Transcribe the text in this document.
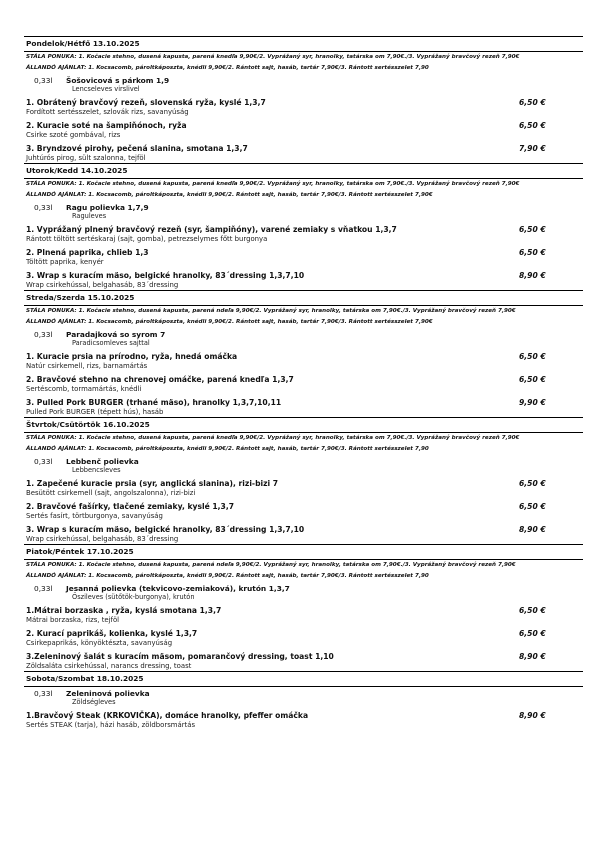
Pondelok/Hétfő 13.10.2025
STÁLA PONUKA: 1. Kočacie stehno, dusená kapusta, parená knedľa 9,90€/2. Vyprážaný syr, hranolky, tatárska om 7,90€./3. Vyprážaný bravčový rezeň 7,90€
ÁLLANDÓ AJÁNLAT: 1. Kocsacomb, pároltkáposzta, knédli 9,90€/2. Rántott sajt, hasáb, tartár 7,90€/3. Rántott sertésszelet 7,90
0,33l	Šošovicová s párkom 1,9
Lencseleves virslivel
1. Obrátený bravčový rezeň, slovenská ryža, kyslé 1,3,7	6,50 €
Fordított sertésszelet, szlovák rizs, savanyúság
2. Kuracie soté na šampiňónoch, ryža	6,50 €
Csirke szoté gombával, rizs
3. Bryndzové pirohy, pečená slanina, smotana 1,3,7	7,90 €
Juhtúrós pirog, sült szalonna, tejföl
Utorok/Kedd 14.10.2025
STÁLA PONUKA: 1. Kočacie stehno, dusená kapusta, parená knedľa 9,90€/2. Vyprážaný syr, hranolky, tatárska om 7,90€./3. Vyprážaný bravčový rezeň 7,90€
ÁLLANDÓ AJÁNLAT: 1. Kocsacomb, pároltkáposzta, knédli 9,90€/2. Rántott sajt, hasáb, tartár 7,90€/3. Rántott sertésszelet 7,90€
0,33l	Ragu polievka 1,7,9
Raguleves
1. Vyprážaný plnený bravčový rezeň (syr, šampiňóny), varené zemiaky s vňatkou 1,3,7	6,50 €
Rántott töltött sertéskaraj (sajt, gomba), petrezselymes főtt burgonya
2. Plnená paprika, chlieb 1,3	6,50 €
Töltött paprika, kenyér
3. Wrap s kuracím mäso, belgické hranolky, 83´dressing 1,3,7,10	8,90 €
Wrap csirkehússal, belgahasáb, 83´dressing
Streda/Szerda 15.10.2025
STÁLA PONUKA: 1. Kočacie stehno, dusená kapusta, parená ndeľa 9,90€/2. Vyprážaný syr, hranolky, tatárska om 7,90€./3. Vyprážaný bravčový rezeň 7,90€
ÁLLANDÓ AJÁNLAT: 1. Kocsacomb, pároltkáposzta, knédli 9,90€/2. Rántott sajt, hasáb, tartár 7,90€/3. Rántott sertésszelet 7,90€
0,33l	Paradajková so syrom 7
Paradicsomleves sajttal
1. Kuracie prsia na prírodno, ryža, hnedá omáčka	6,50 €
Natúr csirkemell, rizs, barnamártás
2. Bravčové stehno na chrenovej omáčke, parená knedľa 1,3,7	6,50 €
Sertéscomb, tormamártás, knédli
3. Pulled Pork BURGER (trhané mäso), hranolky 1,3,7,10,11	9,90 €
Pulled Pork BURGER (tépett hús), hasáb
Štvrtok/Csütörtök 16.10.2025
STÁLA PONUKA: 1. Kočacie stehno, dusená kapusta, parená knedľa 9,90€/2. Vyprážaný syr, hranolky, tatárska om 7,90€./3. Vyprážaný bravčový rezeň 7,90€
ÁLLANDÓ AJÁNLAT: 1. Kocsacomb, pároltkáposzta, knédli 9,90€/2. Rántott sajt, hasáb, tartár 7,90€/3. Rántott sertésszelet 7,90
0,33l	Lebbenč polievka
Lebbencsleves
1. Zapečené kuracie prsia (syr, anglická slanina), rizi-bizi 7	6,50 €
Besütött csirkemell (sajt, angolszalonna), rizi-bizi
2. Bravčové fašírky, tlačené zemiaky, kyslé 1,3,7	6,50 €
Sertés fasírt, törtburgonya, savanyúság
3. Wrap s kuracím mäso, belgické hranolky, 83´dressing 1,3,7,10	8,90 €
Wrap csirkehússal, belgahasáb, 83´dressing
Piatok/Péntek 17.10.2025
STÁLA PONUKA: 1. Kočacie stehno, dusená kapusta, parená ndeľa 9,90€/2. Vyprážaný syr, hranolky, tatárska om 7,90€./3. Vyprážaný bravčový rezeň 7,90€
ÁLLANDÓ AJÁNLAT: 1. Kocsacomb, pároltkáposzta, knédli 9,90€/2. Rántott sajt, hasáb, tartár 7,90€/3. Rántott sertésszelet 7,90
0,33l	Jesanná polievka (tekvicovo-zemiaková), krutón 1,3,7
Őszileves (sütőtök-burgonya), krutón
1.Mátrai borzaska , ryža, kyslá smotana 1,3,7	6,50 €
Mátrai borzaska, rizs, tejföl
2. Kurací paprikáš, kolienka, kyslé 1,3,7	6,50 €
Csirkepaprikás, könyöktészta, savanyúság
3.Zeleninový šalát s kuracím mäsom, pomarančový dressing, toast 1,10	8,90 €
Zöldsaláta csirkehússal, narancs dressing, toast
Sobota/Szombat 18.10.2025
0,33l	Zeleninová polievka
Zöldségleves
1.Bravčový Steak (KRKOVIČKA), domáce hranolky, pfeffer omáčka	8,90 €
Sertés STEAK (tarja), házi hasáb, zöldborsmártás
